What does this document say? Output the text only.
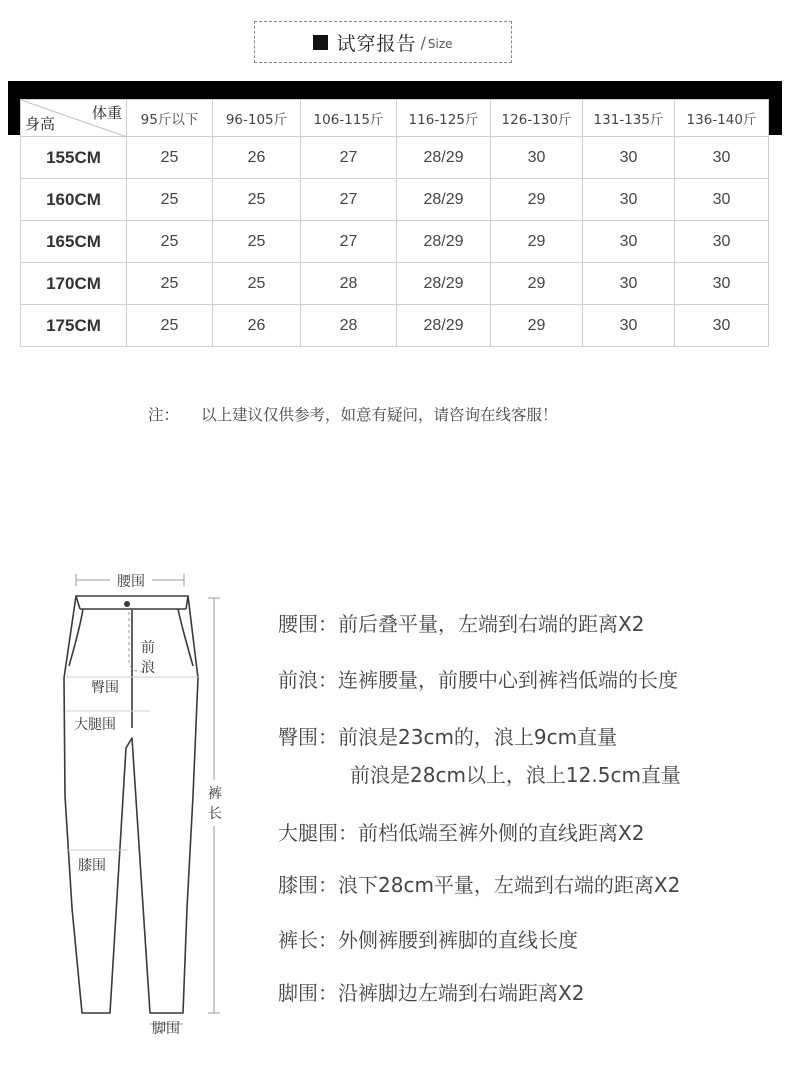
试穿报告 / Size
体重
身高	95斤以下	96-105斤	106-115斤	116-125斤	126-130斤	131-135斤	136-140斤
155CM	25	26	27	28/29	30	30	30
160CM	25	25	27	28/29	29	30	30
165CM	25	25	27	28/29	29	30	30
170CM	25	25	28	28/29	29	30	30
175CM	25	26	28	28/29	29	30	30
注： 以上建议仅供参考，如意有疑问，请咨询在线客服！
腰围
前
浪
臀围
大腿围
膝围
裤
长
脚围
腰围：前后叠平量，左端到右端的距离X2
前浪：连裤腰量，前腰中心到裤裆低端的长度
臀围：前浪是23cm的，浪上9cm直量
前浪是28cm以上，浪上12.5cm直量
大腿围：前档低端至裤外侧的直线距离X2
膝围：浪下28cm平量，左端到右端的距离X2
裤长：外侧裤腰到裤脚的直线长度
脚围：沿裤脚边左端到右端距离X2
